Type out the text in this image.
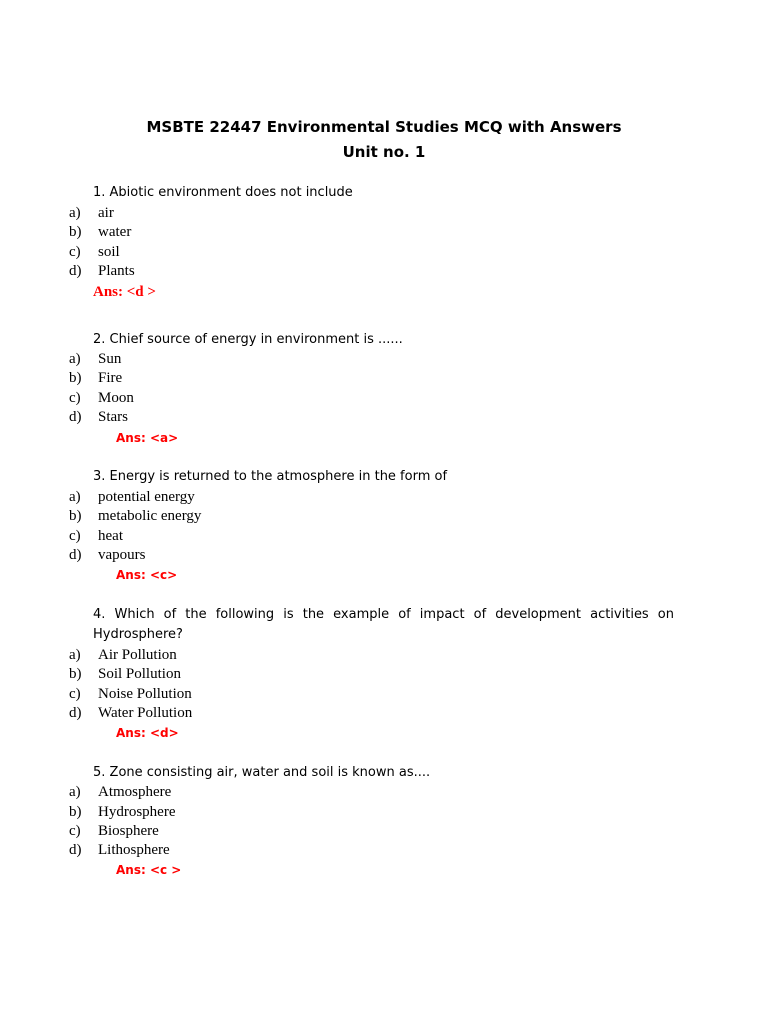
MSBTE 22447 Environmental Studies MCQ with Answers
Unit no. 1
1. Abiotic environment does not include
a) air
b) water
c) soil
d) Plants
Ans: <d >
2. Chief source of energy in environment is ......
a) Sun
b) Fire
c) Moon
d) Stars
Ans: <a>
3. Energy is returned to the atmosphere in the form of
a) potential energy
b) metabolic energy
c) heat
d) vapours
Ans: <c>
4. Which of the following is the example of impact of development activities on Hydrosphere?
a) Air Pollution
b) Soil Pollution
c) Noise Pollution
d) Water Pollution
Ans: <d>
5. Zone consisting air, water and soil is known as....
a) Atmosphere
b) Hydrosphere
c) Biosphere
d) Lithosphere
Ans: <c >
